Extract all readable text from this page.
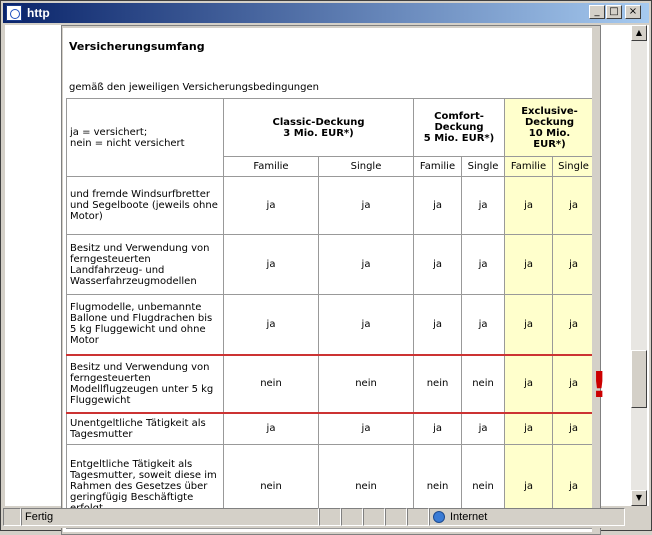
http
Versicherungsumfang
gemäß den jeweiligen Versicherungsbedingungen
ja = versichert;
nein = nicht versichert	Classic-Deckung
3 Mio. EUR*)		Comfort-Deckung
5 Mio. EUR*)		Exclusive-Deckung
10 Mio.
EUR*)	
	Familie	Single	Familie	Single	Familie	Single
und fremde Windsurfbretter und Segelboote (jeweils ohne Motor)	ja	ja	ja	ja	ja	ja
Besitz und Verwendung von ferngesteuerten Landfahrzeug- und Wasserfahrzeugmodellen	ja	ja	ja	ja	ja	ja
Flugmodelle, unbemannte Ballone und Flugdrachen bis 5 kg Fluggewicht und ohne Motor	ja	ja	ja	ja	ja	ja
Besitz und Verwendung von ferngesteuerten Modellflugzeugen unter 5 kg Fluggewicht	nein	nein	nein	nein	ja	ja
Unentgeltliche Tätigkeit als Tagesmutter	ja	ja	ja	ja	ja	ja
Entgeltliche Tätigkeit als Tagesmutter, soweit diese im Rahmen des Gesetzes über geringfügig Beschäftigte	nein	nein	nein	nein	ja	ja
!
_ □	×
▲
▼
Fertig	Internet
